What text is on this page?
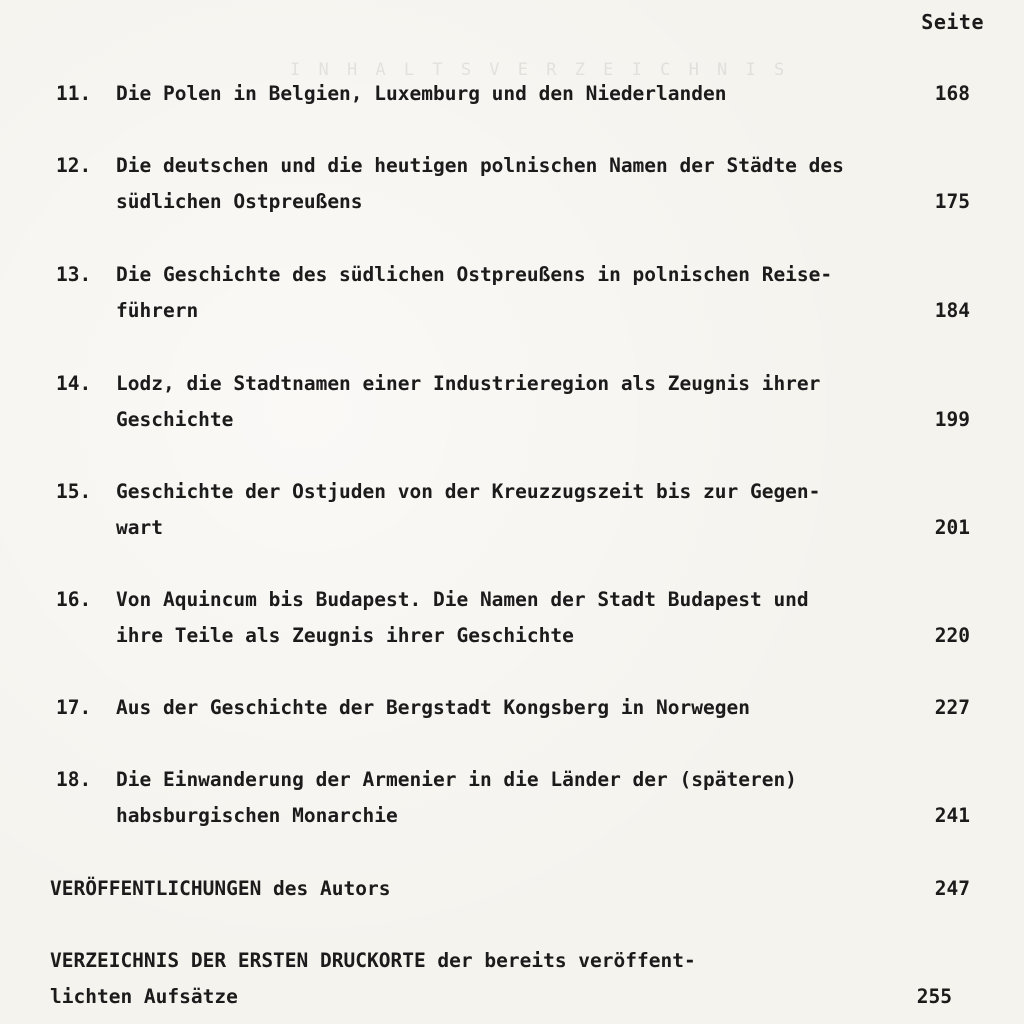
I N H A L T S V E R Z E I C H N I S
Seite
11. Die Polen in Belgien, Luxemburg und den Niederlanden	168
12. Die deutschen und die heutigen polnischen Namen der Städte des
südlichen Ostpreußens	175
13. Die Geschichte des südlichen Ostpreußens in polnischen Reise-
führern	184
14. Lodz, die Stadtnamen einer Industrieregion als Zeugnis ihrer
Geschichte	199
15. Geschichte der Ostjuden von der Kreuzzugszeit bis zur Gegen-
wart	201
16. Von Aquincum bis Budapest. Die Namen der Stadt Budapest und
ihre Teile als Zeugnis ihrer Geschichte	220
17. Aus der Geschichte der Bergstadt Kongsberg in Norwegen	227
18. Die Einwanderung der Armenier in die Länder der (späteren)
habsburgischen Monarchie	241
VERÖFFENTLICHUNGEN des Autors	247
VERZEICHNIS DER ERSTEN DRUCKORTE der bereits veröffent-
lichten Aufsätze	255
